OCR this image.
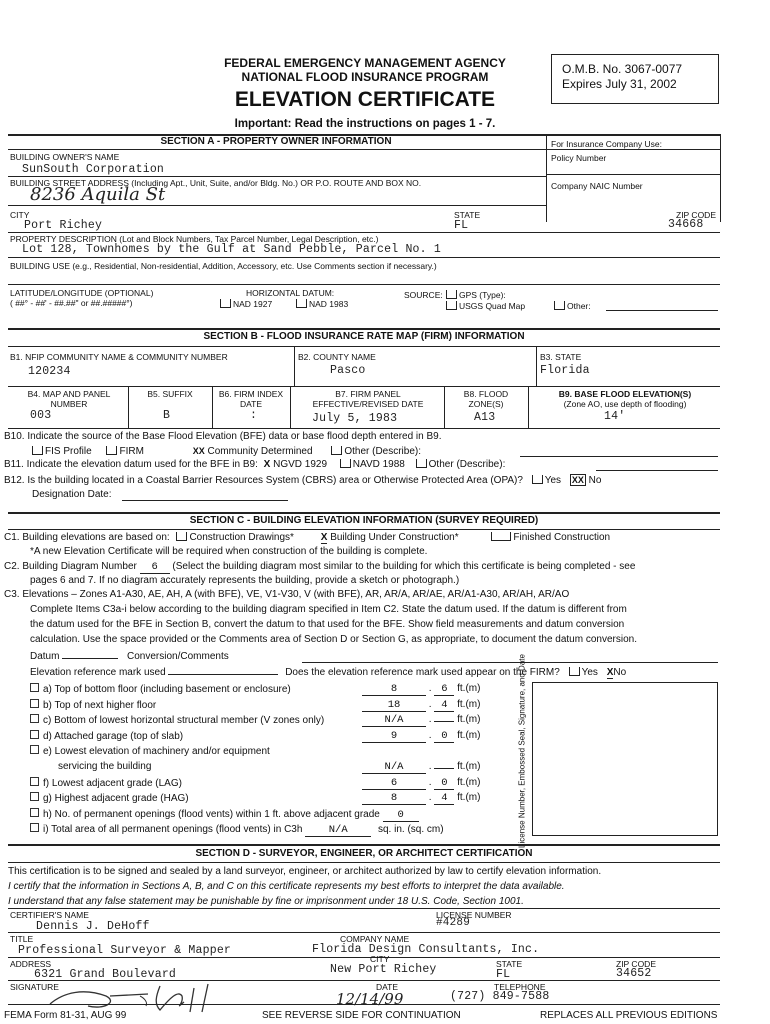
FEDERAL EMERGENCY MANAGEMENT AGENCY
NATIONAL FLOOD INSURANCE PROGRAM
ELEVATION CERTIFICATE
Important: Read the instructions on pages 1 - 7.
O.M.B. No. 3067-0077
Expires July 31, 2002
SECTION A - PROPERTY OWNER INFORMATION	For Insurance Company Use:
Policy Number
Company NAIC Number
BUILDING OWNER'S NAME
SunSouth Corporation
BUILDING STREET ADDRESS (Including Apt., Unit, Suite, and/or Bldg. No.) OR P.O. ROUTE AND BOX NO.
8236 Aquila St
CITY
Port Richey
STATE
FL
ZIP CODE
34668
PROPERTY DESCRIPTION (Lot and Block Numbers, Tax Parcel Number, Legal Description, etc.)
Lot 128, Townhomes by the Gulf at Sand Pebble, Parcel No. 1
BUILDING USE (e.g., Residential, Non-residential, Addition, Accessory, etc. Use Comments section if necessary.)
LATITUDE/LONGITUDE (OPTIONAL)
( ##° - ##' - ##.##" or ##.#####°)
HORIZONTAL DATUM:
NAD 1927	NAD 1983
SOURCE:	GPS (Type):
USGS Quad Map	Other:
SECTION B - FLOOD INSURANCE RATE MAP (FIRM) INFORMATION
B1. NFIP COMMUNITY NAME & COMMUNITY NUMBER
120234
B2. COUNTY NAME
Pasco
B3. STATE
Florida
B4. MAP AND PANEL NUMBER
003
B5. SUFFIX
B
B6. FIRM INDEX DATE
:
B7. FIRM PANEL EFFECTIVE/REVISED DATE
July 5, 1983
B8. FLOOD ZONE(S)
A13
B9. BASE FLOOD ELEVATION(S)
(Zone AO, use depth of flooding)
14'
B10. Indicate the source of the Base Flood Elevation (BFE) data or base flood depth entered in B9.
FIS Profile	FIRM	XX Community Determined	Other (Describe):
B11. Indicate the elevation datum used for the BFE in B9: X NGVD 1929	NAVD 1988 Other (Describe):
B12. Is the building located in a Coastal Barrier Resources System (CBRS) area or Otherwise Protected Area (OPA)? Yes XX No
Designation Date:
SECTION C - BUILDING ELEVATION INFORMATION (SURVEY REQUIRED)
C1. Building elevations are based on: Construction Drawings*	X Building Under Construction*	Finished Construction
*A new Elevation Certificate will be required when construction of the building is complete.
C2. Building Diagram Number 6 (Select the building diagram most similar to the building for which this certificate is being completed - see
pages 6 and 7. If no diagram accurately represents the building, provide a sketch or photograph.)
C3. Elevations – Zones A1-A30, AE, AH, A (with BFE), VE, V1-V30, V (with BFE), AR, AR/A, AR/AE, AR/A1-A30, AR/AH, AR/AO
Complete Items C3a-i below according to the building diagram specified in Item C2. State the datum used. If the datum is different from
the datum used for the BFE in Section B, convert the datum to that used for the BFE. Show field measurements and datum conversion
calculation. Use the space provided or the Comments area of Section D or Section G, as appropriate, to document the datum conversion.
Datum	Conversion/Comments
Elevation reference mark used	Does the elevation reference mark used appear on the FIRM? Yes XNo
a) Top of bottom floor (including basement or enclosure)	8	. 6 ft.(m)
b) Top of next higher floor	18	. 4 ft.(m)
c) Bottom of lowest horizontal structural member (V zones only)	N/A .  ft.(m)
d) Attached garage (top of slab)	9	. 0 ft.(m)
e) Lowest elevation of machinery and/or equipment
servicing the building	N/A .  ft.(m)
f) Lowest adjacent grade (LAG)	6	. 0 ft.(m)
g) Highest adjacent grade (HAG)	8	. 4 ft.(m)
h) No. of permanent openings (flood vents) within 1 ft. above adjacent grade 0
i) Total area of all permanent openings (flood vents) in C3h	N/A	sq. in. (sq. cm)	License Number, Embossed Seal, Signature, and Date
SECTION D - SURVEYOR, ENGINEER, OR ARCHITECT CERTIFICATION
This certification is to be signed and sealed by a land surveyor, engineer, or architect authorized by law to certify elevation information.
I certify that the information in Sections A, B, and C on this certificate represents my best efforts to interpret the data available.
I understand that any false statement may be punishable by fine or imprisonment under 18 U.S. Code, Section 1001.
CERTIFIER'S NAME
Dennis J. DeHoff
LICENSE NUMBER
#4289
TITLE
Professional Surveyor & Mapper
COMPANY NAME
Florida Design Consultants, Inc.
ADDRESS
6321 Grand Boulevard
CITY
New Port Richey	STATE
FL
ZIP CODE
34652
SIGNATURE	DATE
12/14/99
TELEPHONE
(727) 849-7588
FEMA Form 81-31, AUG 99	SEE REVERSE SIDE FOR CONTINUATION	REPLACES ALL PREVIOUS EDITIONS
